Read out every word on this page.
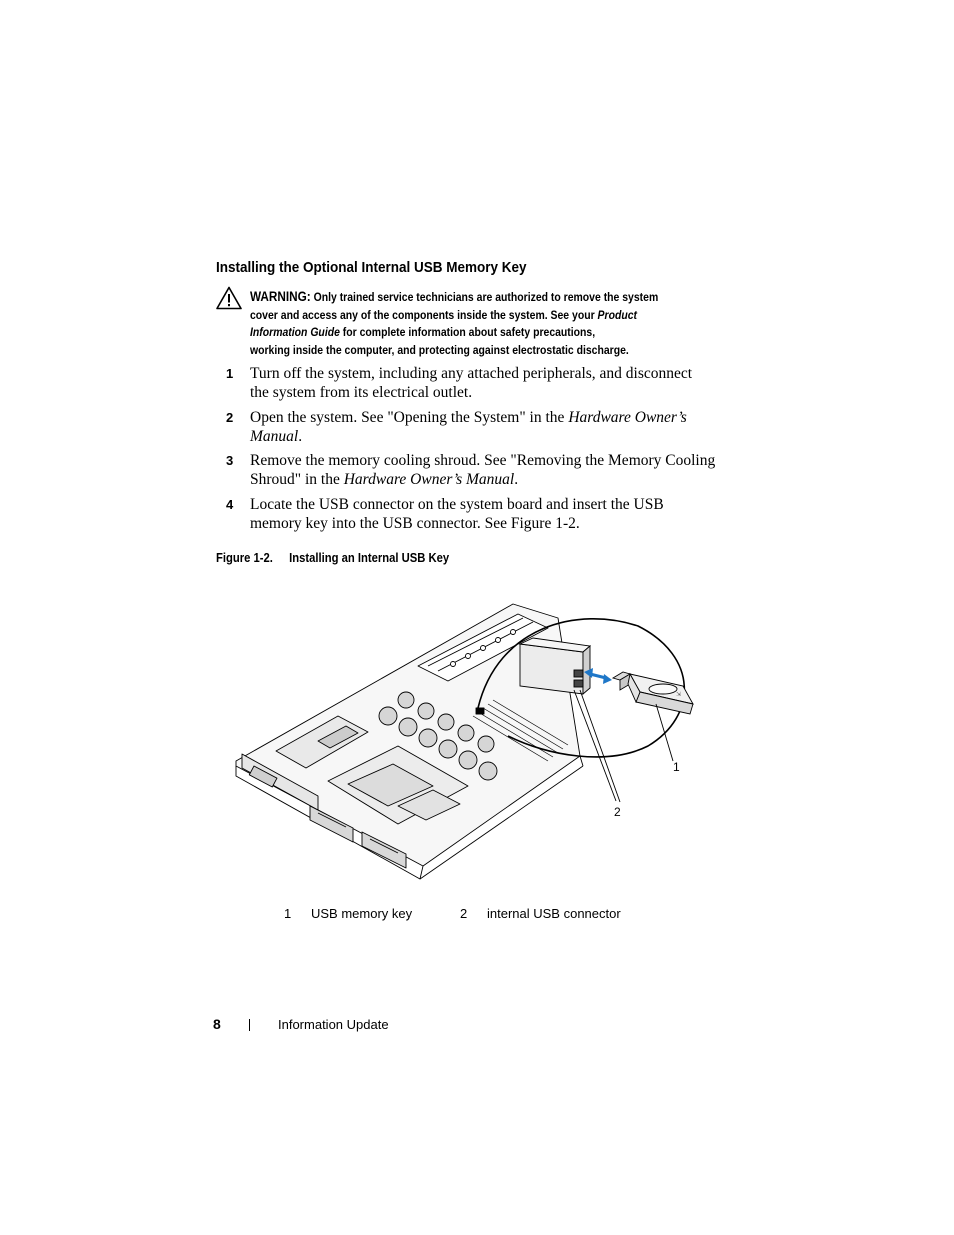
Installing the Optional Internal USB Memory Key

WARNING: Only trained service technicians are authorized to remove the system
cover and access any of the components inside the system. See your Product
Information Guide for complete information about safety precautions,
working inside the computer, and protecting against electrostatic discharge.

1 Turn off the system, including any attached peripherals, and disconnect
the system from its electrical outlet.

2 Open the system. See "Opening the System" in the Hardware Owner’s
Manual.

3 Remove the memory cooling shroud. See "Removing the Memory Cooling
Shroud" in the Hardware Owner’s Manual.

4 Locate the USB connector on the system board and insert the USB
memory key into the USB connector. See Figure 1-2.

Figure 1-2. Installing an Internal USB Key

⇲
1
2
1 USB memory key	2 internal USB connector
8	Information Update
